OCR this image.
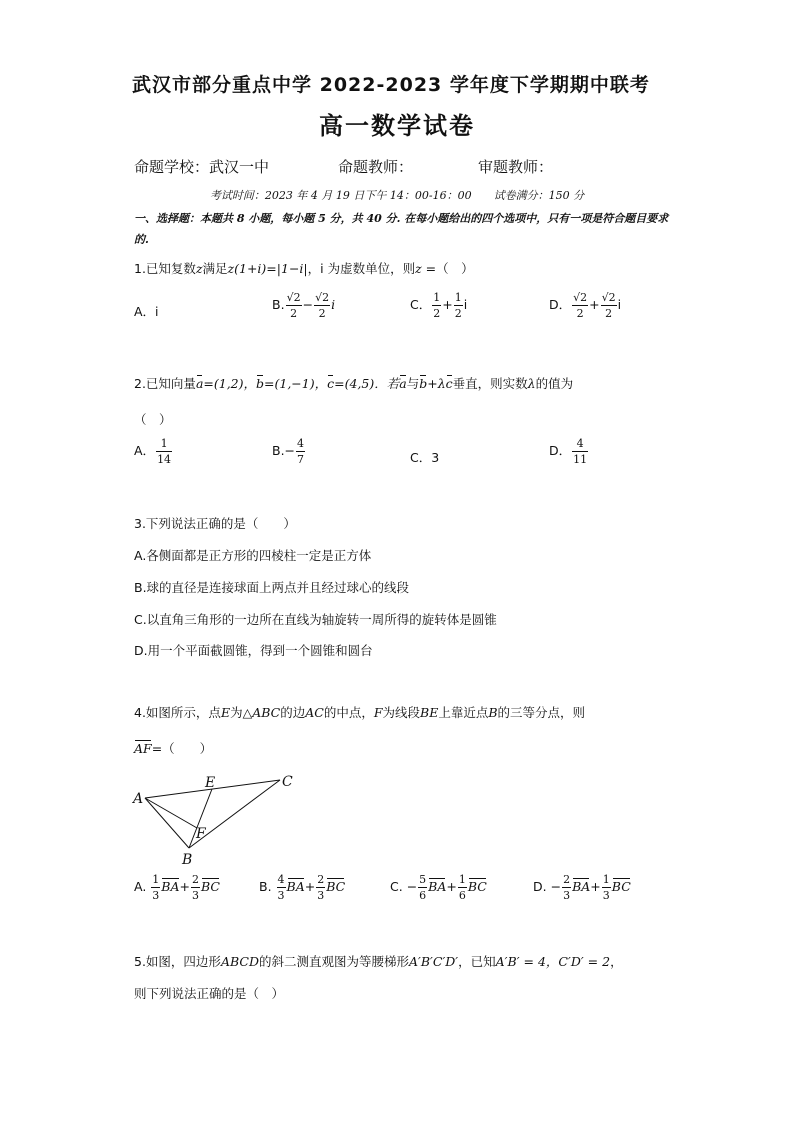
武汉市部分重点中学 2022-2023 学年度下学期期中联考
高一数学试卷
命题学校：武汉一中	命题教师：	审题教师：
考试时间：2023 年 4 月 19 日下午 14：00-16：00　　试卷满分：150 分
一、选择题：本题共 8 小题，每小题 5 分，共 40 分. 在每小题给出的四个选项中，只有一项是符合题目要求的.
1.已知复数z满足z(1+i)=|1−i|，i 为虚数单位，则z =（　）
A．i	B. $\frac{√2}{2} - \frac{√2}{2}$ i	C． $\frac{1}{2} + \frac{1}{2}$ i	D． $\frac{√2}{2} + \frac{√2}{2}$ i
2.已知向量a=(1,2)，b=(1,−1)，c=(4,5)．若a与b+λc垂直，则实数λ的值为
（　）
A． $\frac{1}{14}$	$B.- \frac{4}{7}$	C．3	D． $\frac{4}{11}$
3.下列说法正确的是（　　）
A.各侧面都是正方形的四棱柱一定是正方体
B.球的直径是连接球面上两点并且经过球心的线段
C.以直角三角形的一边所在直线为轴旋转一周所得的旋转体是圆锥
D.用一个平面截圆锥，得到一个圆锥和圆台
4.如图所示，点E为△ABC的边AC的中点，F为线段BE上靠近点B的三等分点，则
AF=（　　）
A
B
C
E
F
A. $\frac{1}{3} BA+ \frac{2}{3}$ BC	B. $\frac{4}{3} BA+ \frac{2}{3}$ BC	C. − $\frac{5}{6} BA+ \frac{1}{6}$ BC	D. − $\frac{2}{3} BA+ \frac{1}{3}$ BC
5.如图，四边形ABCD的斜二测直观图为等腰梯形A′B′C′D′，已知A′B′ = 4，C′D′ = 2，
则下列说法正确的是（　）
